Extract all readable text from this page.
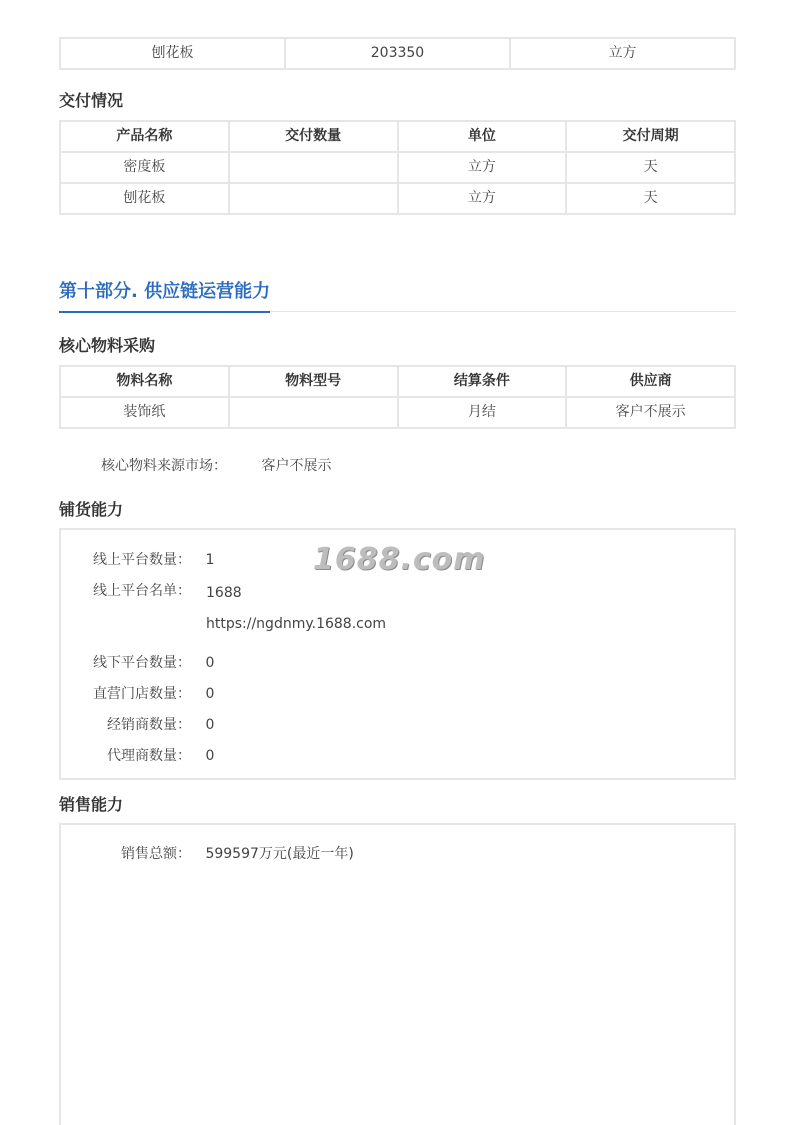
刨花板	203350	立方
交付情况
产品名称	交付数量	单位	交付周期
密度板		立方	天
刨花板		立方	天
第十部分. 供应链运营能力
核心物料采购
物料名称	物料型号	结算条件	供应商
装饰纸		月结	客户不展示
核心物料来源市场： 客户不展示
铺货能力
线上平台数量： 1
线上平台名单： 1688
https://ngdnmy.1688.com
线下平台数量： 0
直营门店数量： 0
经销商数量： 0
代理商数量： 0
1688.com
销售能力
销售总额： 599597万元(最近一年)
